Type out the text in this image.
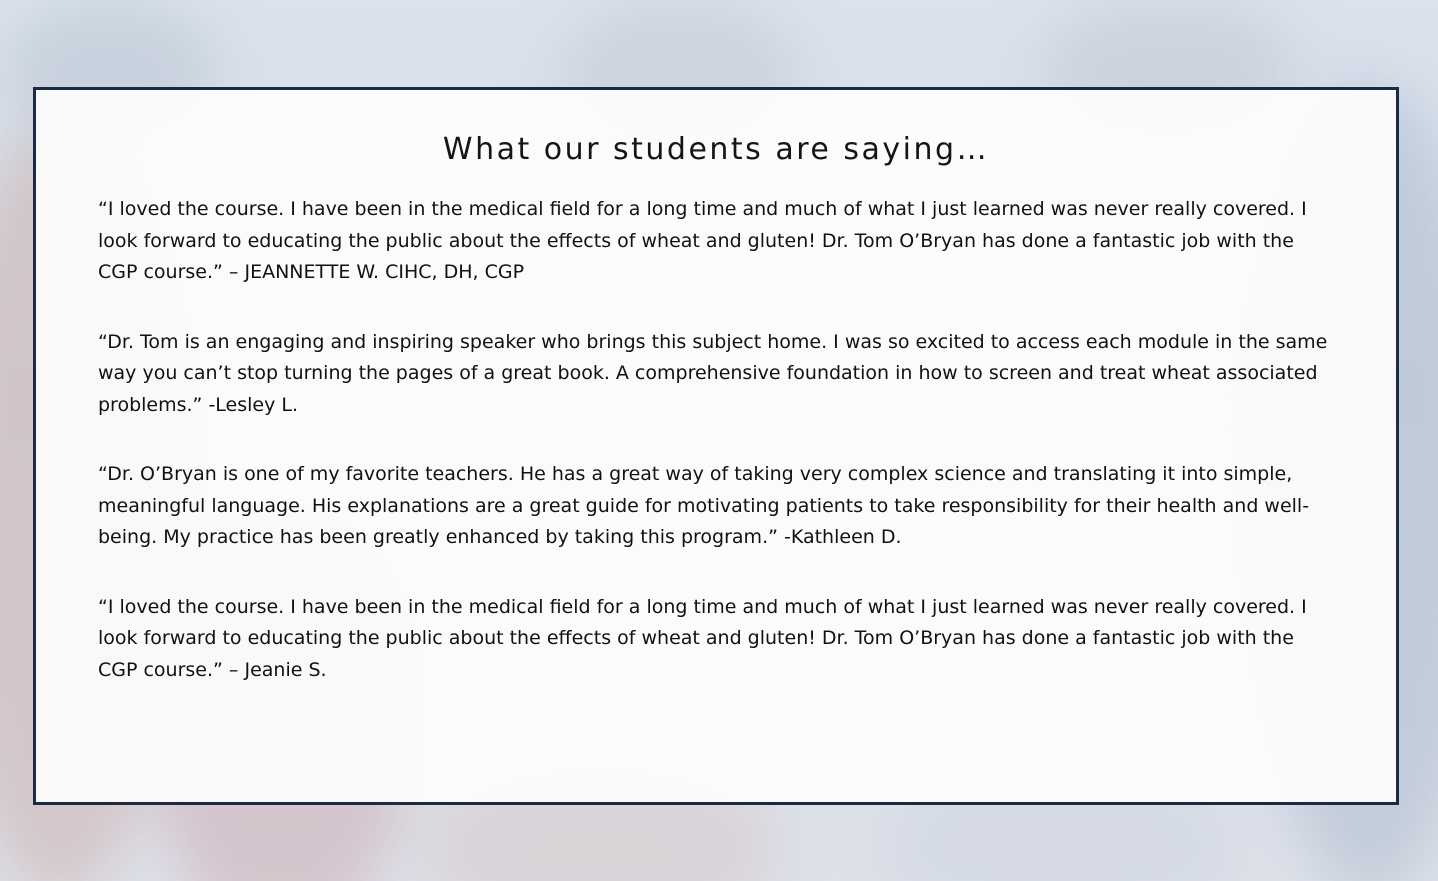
What our students are saying…

“I loved the course. I have been in the medical field for a long time and much of what I just learned was never really covered. I look forward to educating the public about the effects of wheat and gluten! Dr. Tom O’Bryan has done a fantastic job with the CGP course.” – JEANNETTE W. CIHC, DH, CGP

“Dr. Tom is an engaging and inspiring speaker who brings this subject home. I was so excited to access each module in the same way you can’t stop turning the pages of a great book. A comprehensive foundation in how to screen and treat wheat associated problems.” -Lesley L.

“Dr. O’Bryan is one of my favorite teachers. He has a great way of taking very complex science and translating it into simple, meaningful language. His explanations are a great guide for motivating patients to take responsibility for their health and well-being. My practice has been greatly enhanced by taking this program.” -Kathleen D.

“I loved the course. I have been in the medical field for a long time and much of what I just learned was never really covered. I look forward to educating the public about the effects of wheat and gluten! Dr. Tom O’Bryan has done a fantastic job with the CGP course.” – Jeanie S.
